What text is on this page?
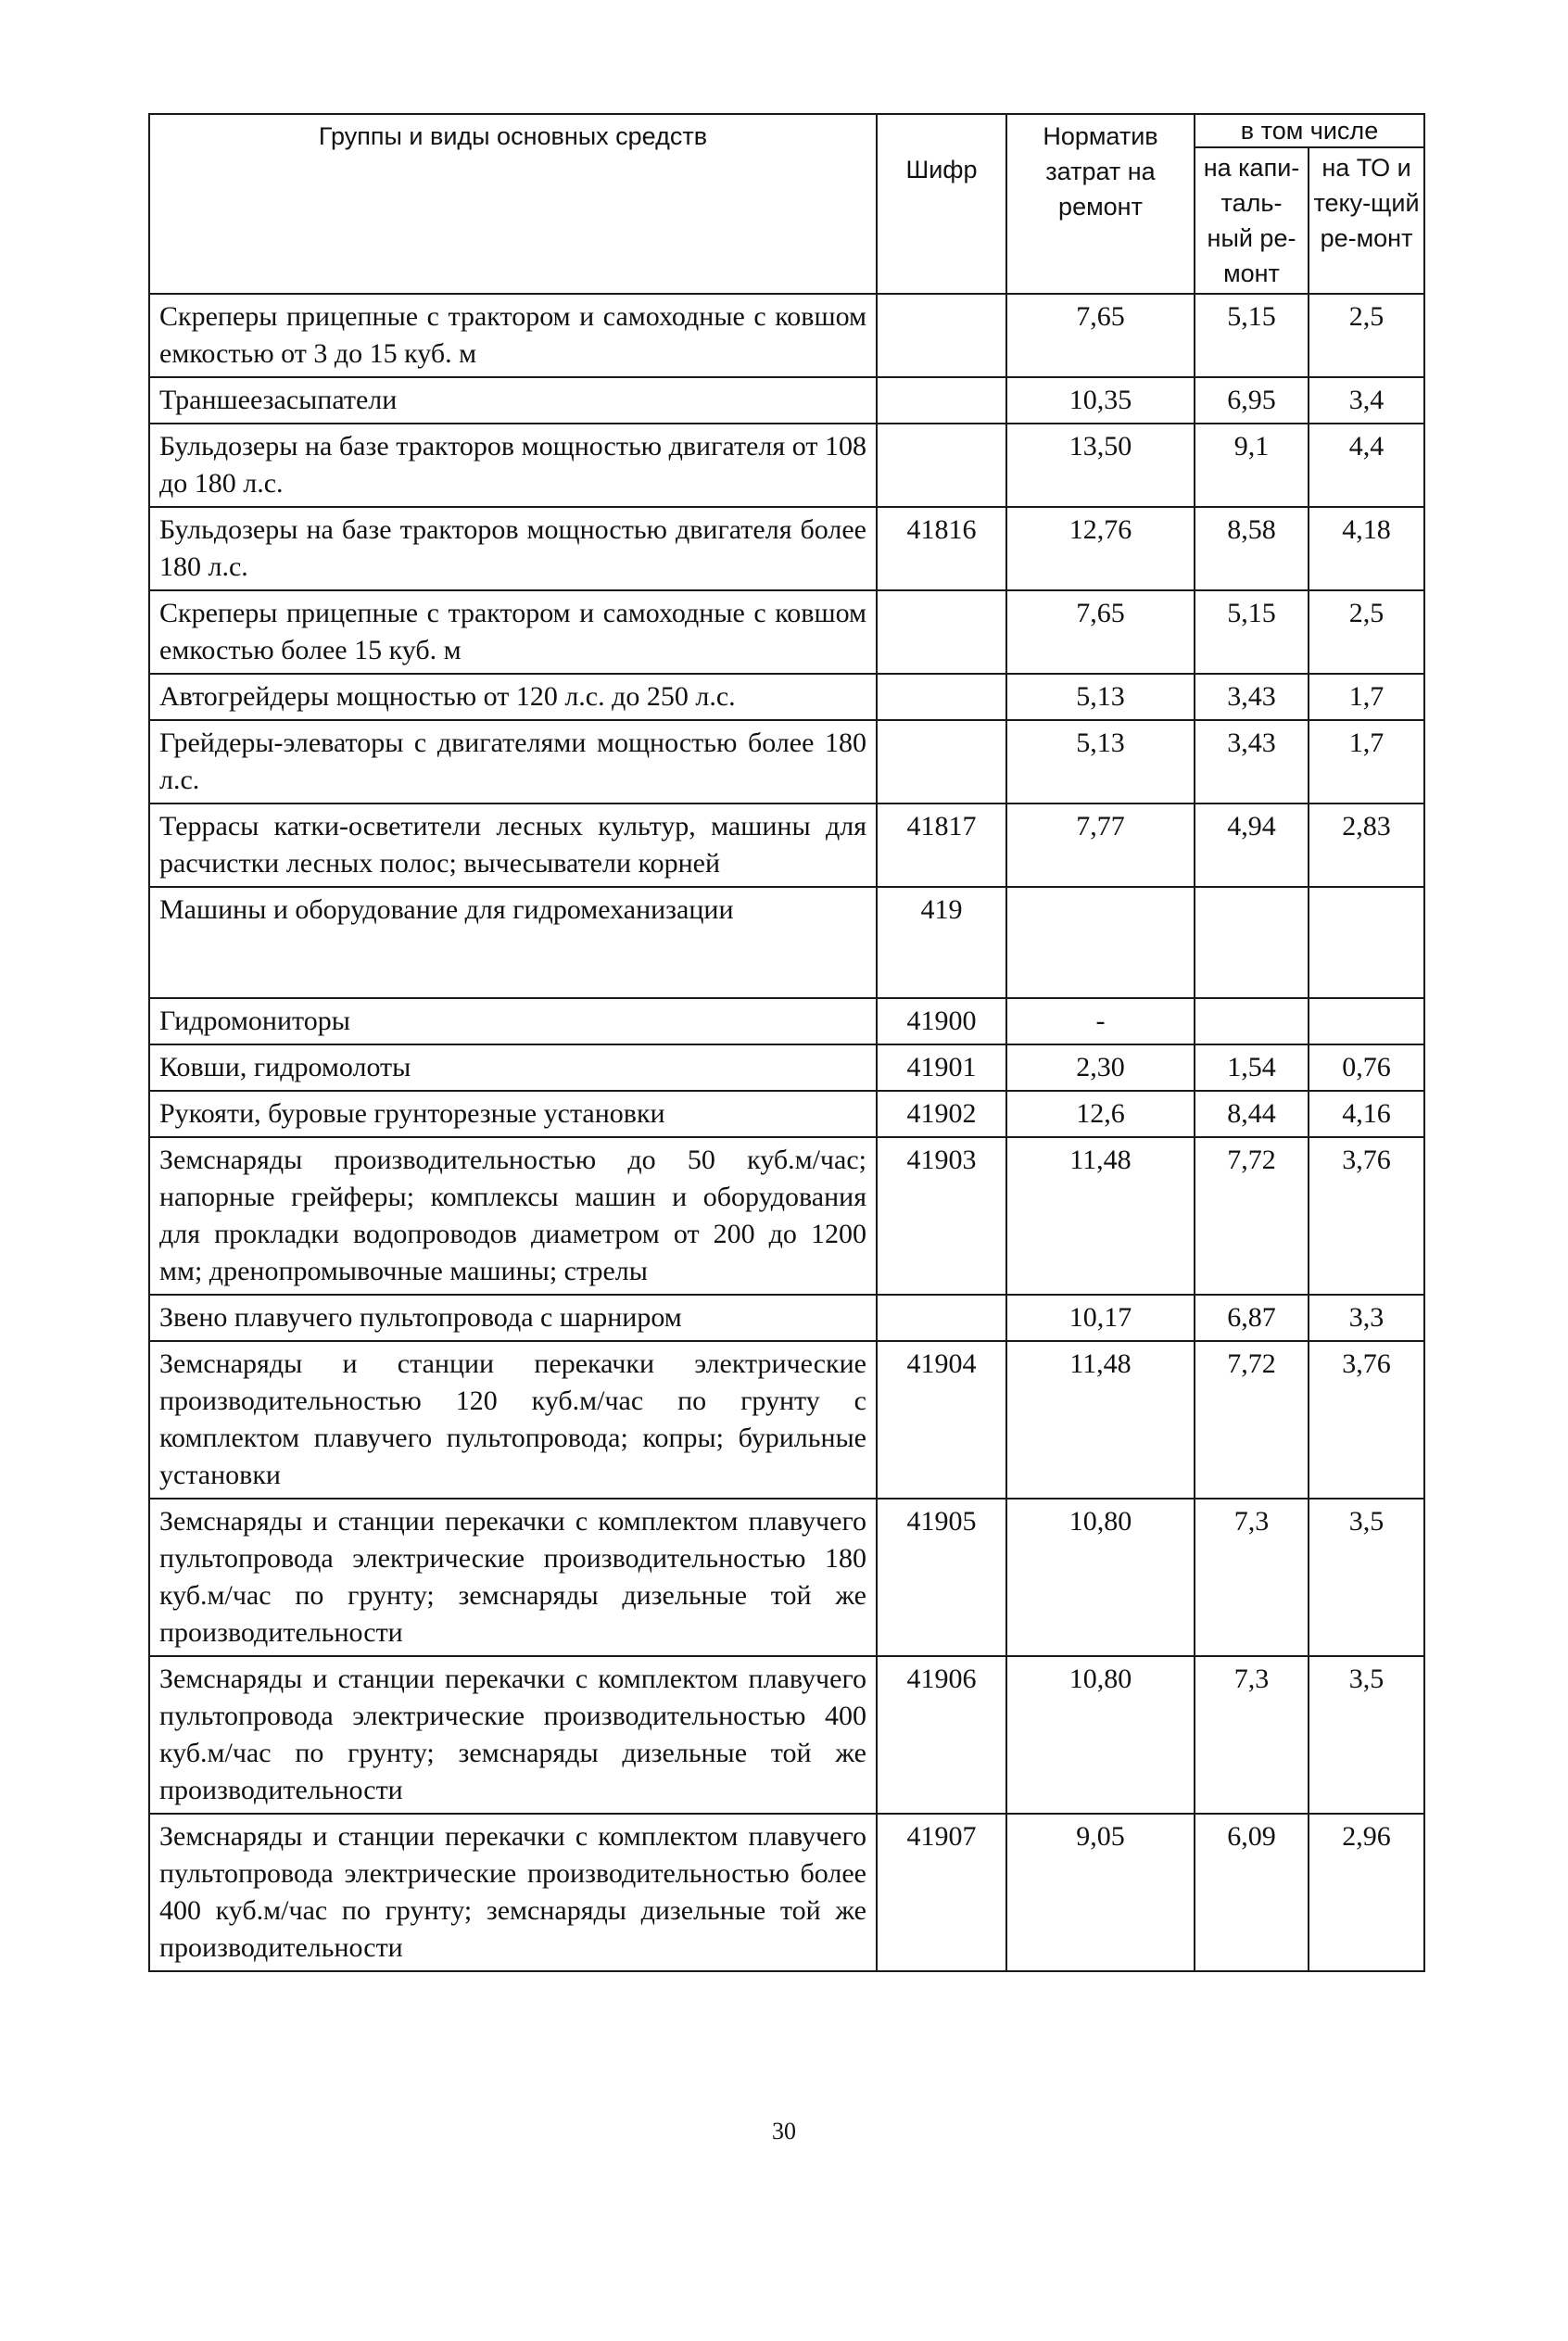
Группы и виды основных средств	Шифр	Норматив затрат на ремонт	в том числе	
			на капи-таль-ный ре-монт	на ТО и теку-щий ре-монт
Скреперы прицепные с трактором и самоходные с ковшом емкостью от 3 до 15 куб. м		7,65	5,15	2,5
Траншеезасыпатели		10,35	6,95	3,4
Бульдозеры на базе тракторов мощностью двигателя от 108 до 180 л.с.		13,50	9,1	4,4
Бульдозеры на базе тракторов мощностью двигателя более 180 л.с.	41816	12,76	8,58	4,18
Скреперы прицепные с трактором и самоходные с ковшом емкостью более 15 куб. м		7,65	5,15	2,5
Автогрейдеры мощностью от 120 л.с. до 250 л.с.		5,13	3,43	1,7
Грейдеры-элеваторы с двигателями мощностью более 180 л.с.		5,13	3,43	1,7
Террасы катки-осветители лесных культур, машины для расчистки лесных полос; вычесыватели корней	41817	7,77	4,94	2,83
Машины и оборудование для гидромеханизации	419			
Гидромониторы	41900	-		
Ковши, гидромолоты	41901	2,30	1,54	0,76
Рукояти, буровые грунторезные установки	41902	12,6	8,44	4,16
Земснаряды производительностью до 50 куб.м/час; напорные грейферы; комплексы машин и оборудования для прокладки водопроводов диаметром от 200 до 1200 мм; дренопромывочные машины; стрелы	41903	11,48	7,72	3,76
Звено плавучего пультопровода с шарниром		10,17	6,87	3,3
Земснаряды и станции перекачки электрические производительностью 120 куб.м/час по грунту с комплектом плавучего пультопровода; копры; бурильные установки	41904	11,48	7,72	3,76
Земснаряды и станции перекачки с комплектом плавучего пультопровода электрические производительностью 180 куб.м/час по грунту; земснаряды дизельные той же производительности	41905	10,80	7,3	3,5
Земснаряды и станции перекачки с комплектом плавучего пультопровода электрические производительностью 400 куб.м/час по грунту; земснаряды дизельные той же производительности	41906	10,80	7,3	3,5
Земснаряды и станции перекачки с комплектом плавучего пультопровода электрические производительностью более 400 куб.м/час по грунту; земснаряды дизельные той же производительности	41907	9,05	6,09	2,96
30
